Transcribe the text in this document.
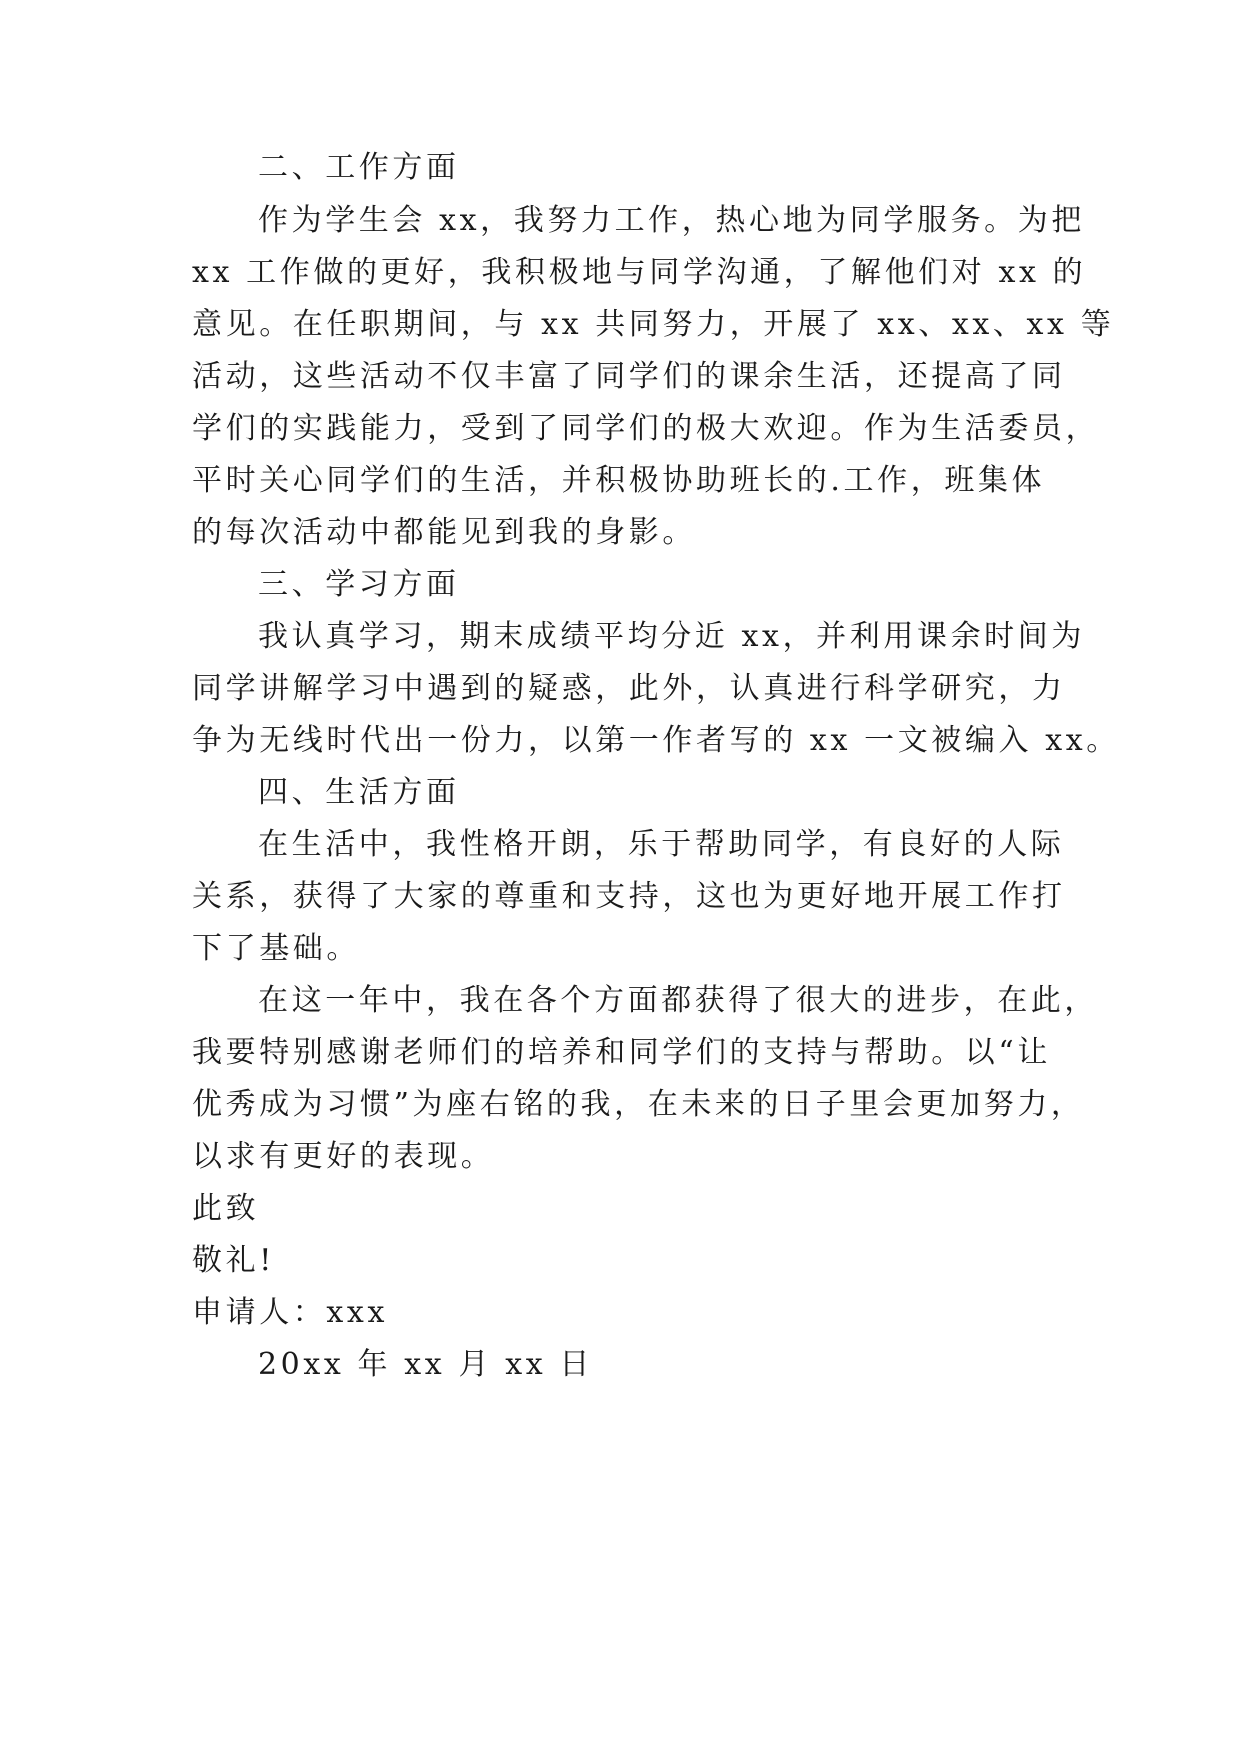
二、工作方面
作为学生会 xx，我努力工作，热心地为同学服务。为把
xx 工作做的更好，我积极地与同学沟通，了解他们对 xx 的
意见。在任职期间，与 xx 共同努力，开展了 xx、xx、xx 等
活动，这些活动不仅丰富了同学们的课余生活，还提高了同
学们的实践能力，受到了同学们的极大欢迎。作为生活委员，
平时关心同学们的生活，并积极协助班长的.工作，班集体
的每次活动中都能见到我的身影。
三、学习方面
我认真学习，期末成绩平均分近 xx，并利用课余时间为
同学讲解学习中遇到的疑惑，此外，认真进行科学研究，力
争为无线时代出一份力，以第一作者写的 xx 一文被编入 xx。
四、生活方面
在生活中，我性格开朗，乐于帮助同学，有良好的人际
关系，获得了大家的尊重和支持，这也为更好地开展工作打
下了基础。
在这一年中，我在各个方面都获得了很大的进步，在此，
我要特别感谢老师们的培养和同学们的支持与帮助。以“让
优秀成为习惯”为座右铭的我，在未来的日子里会更加努力，
以求有更好的表现。
此致
敬礼!
申请人：xxx
20xx 年 xx 月 xx 日
